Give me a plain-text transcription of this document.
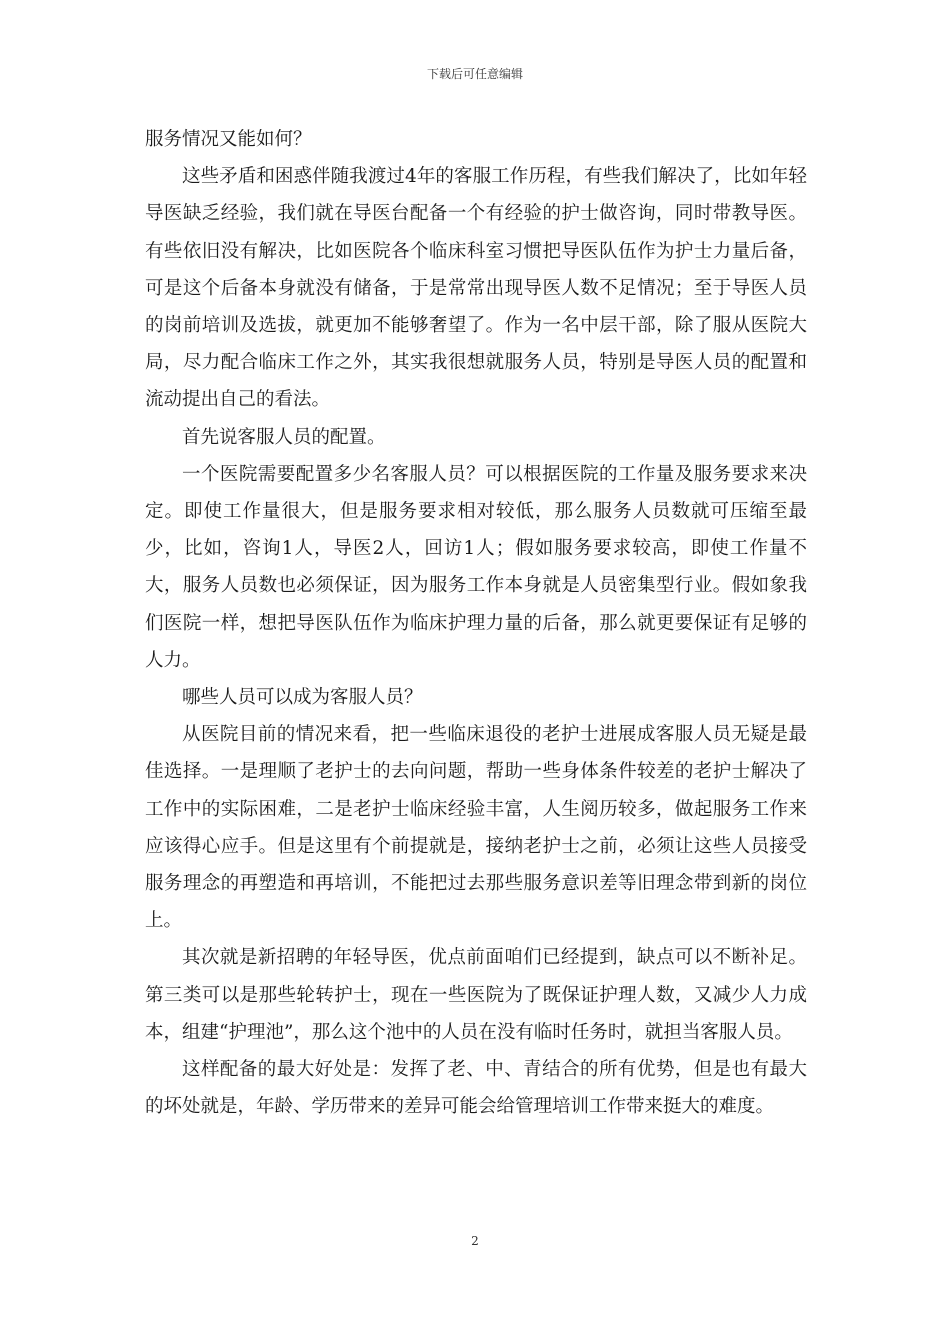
下载后可任意编辑

服务情况又能如何？

这些矛盾和困惑伴随我渡过4年的客服工作历程，有些我们解决了，比如年轻导医缺乏经验，我们就在导医台配备一个有经验的护士做咨询，同时带教导医。有些依旧没有解决，比如医院各个临床科室习惯把导医队伍作为护士力量后备，可是这个后备本身就没有储备，于是常常出现导医人数不足情况；至于导医人员的岗前培训及选拔，就更加不能够奢望了。作为一名中层干部，除了服从医院大局，尽力配合临床工作之外，其实我很想就服务人员，特别是导医人员的配置和流动提出自己的看法。

首先说客服人员的配置。

一个医院需要配置多少名客服人员？可以根据医院的工作量及服务要求来决定。即使工作量很大，但是服务要求相对较低，那么服务人员数就可压缩至最少，比如，咨询1人，导医2人，回访1人；假如服务要求较高，即使工作量不大，服务人员数也必须保证，因为服务工作本身就是人员密集型行业。假如象我们医院一样，想把导医队伍作为临床护理力量的后备，那么就更要保证有足够的人力。

哪些人员可以成为客服人员？

从医院目前的情况来看，把一些临床退役的老护士进展成客服人员无疑是最佳选择。一是理顺了老护士的去向问题，帮助一些身体条件较差的老护士解决了工作中的实际困难，二是老护士临床经验丰富，人生阅历较多，做起服务工作来应该得心应手。但是这里有个前提就是，接纳老护士之前，必须让这些人员接受服务理念的再塑造和再培训，不能把过去那些服务意识差等旧理念带到新的岗位上。

其次就是新招聘的年轻导医，优点前面咱们已经提到，缺点可以不断补足。第三类可以是那些轮转护士，现在一些医院为了既保证护理人数，又减少人力成本，组建“护理池”，那么这个池中的人员在没有临时任务时，就担当客服人员。

这样配备的最大好处是：发挥了老、中、青结合的所有优势，但是也有最大的坏处就是，年龄、学历带来的差异可能会给管理培训工作带来挺大的难度。

2
